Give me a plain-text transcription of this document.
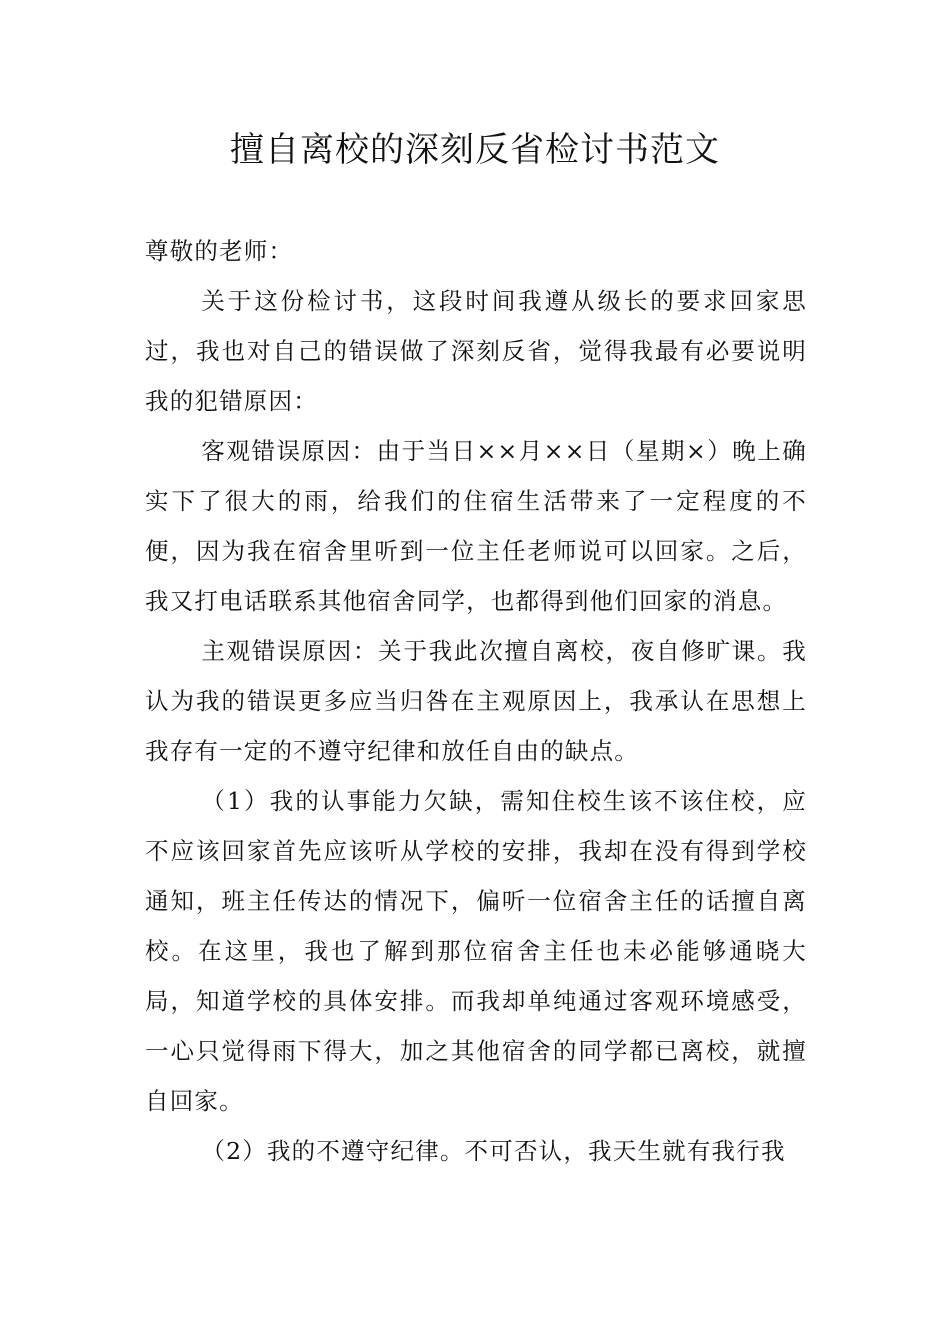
擅自离校的深刻反省检讨书范文

尊敬的老师：

关于这份检讨书，这段时间我遵从级长的要求回家思过，我也对自己的错误做了深刻反省，觉得我最有必要说明我的犯错原因：

客观错误原因：由于当日××月××日（星期×）晚上确实下了很大的雨，给我们的住宿生活带来了一定程度的不便，因为我在宿舍里听到一位主任老师说可以回家。之后，我又打电话联系其他宿舍同学，也都得到他们回家的消息。

主观错误原因：关于我此次擅自离校，夜自修旷课。我认为我的错误更多应当归咎在主观原因上，我承认在思想上我存有一定的不遵守纪律和放任自由的缺点。

（1）我的认事能力欠缺，需知住校生该不该住校，应不应该回家首先应该听从学校的安排，我却在没有得到学校通知，班主任传达的情况下，偏听一位宿舍主任的话擅自离校。在这里，我也了解到那位宿舍主任也未必能够通晓大局，知道学校的具体安排。而我却单纯通过客观环境感受，一心只觉得雨下得大，加之其他宿舍的同学都已离校，就擅自回家。

（2）我的不遵守纪律。不可否认，我天生就有我行我
